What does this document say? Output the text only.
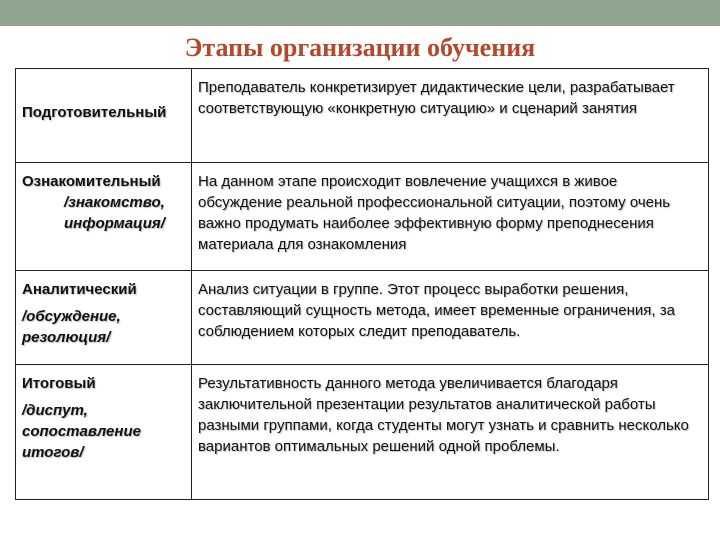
Этапы организации обучения
Подготовительный	Преподаватель конкретизирует дидактические цели, разрабатывает соответствующую «конкретную ситуацию» и сценарий занятия

Ознакомительный
/знакомство, информация/	На данном этапе происходит вовлечение учащихся в живое обсуждение реальной профессиональной ситуации, поэтому очень важно продумать наиболее эффективную форму преподнесения материала для ознакомления

Аналитический
/обсуждение, резолюция/	Анализ ситуации в группе. Этот процесс выработки решения, составляющий сущность метода, имеет временные ограничения, за соблюдением которых следит преподаватель.

Итоговый
/диспут, сопоставление итогов/	Результативность данного метода увеличивается благодаря заключительной презентации результатов аналитической работы разными группами, когда студенты могут узнать и сравнить несколько вариантов оптимальных решений одной проблемы.
